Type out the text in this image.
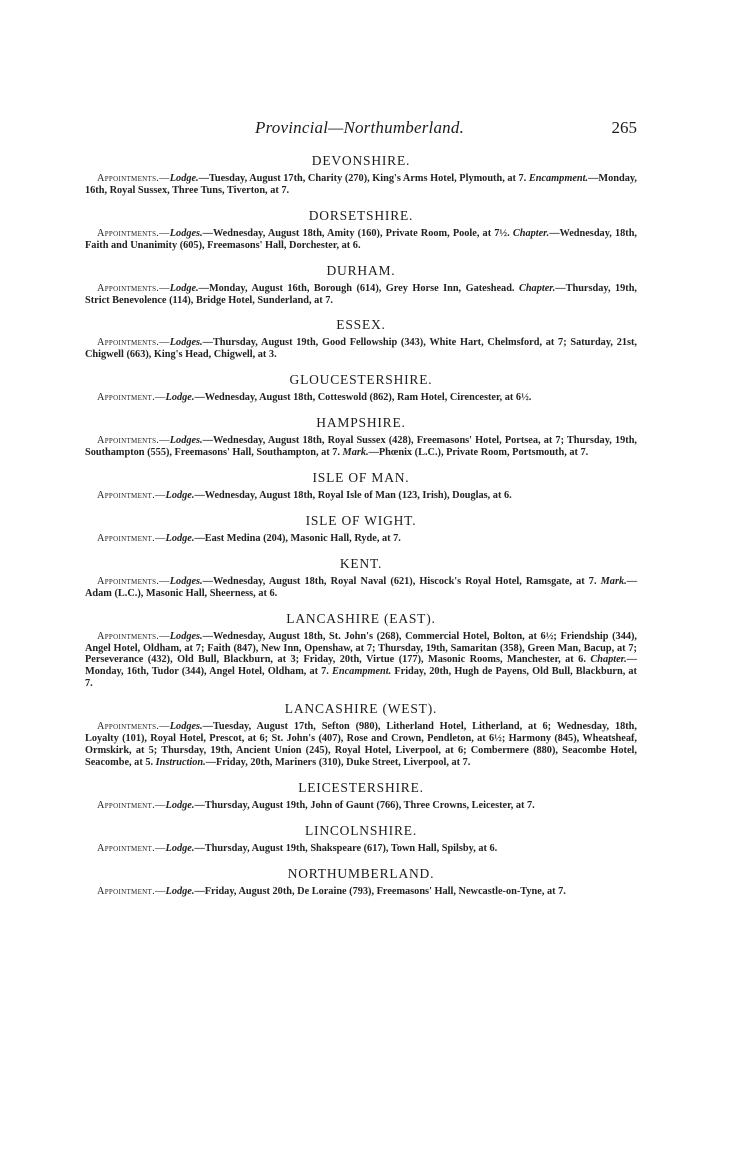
Provincial—Northumberland.	265
DEVONSHIRE.

Appointments.—Lodge.—Tuesday, August 17th, Charity (270), King's Arms Hotel, Plymouth, at 7. Encampment.—Monday, 16th, Royal Sussex, Three Tuns, Tiverton, at 7.

DORSETSHIRE.

Appointments.—Lodges.—Wednesday, August 18th, Amity (160), Private Room, Poole, at 7½. Chapter.—Wednesday, 18th, Faith and Unanimity (605), Freemasons' Hall, Dorchester, at 6.

DURHAM.

Appointments.—Lodge.—Monday, August 16th, Borough (614), Grey Horse Inn, Gateshead. Chapter.—Thursday, 19th, Strict Benevolence (114), Bridge Hotel, Sunderland, at 7.

ESSEX.

Appointments.—Lodges.—Thursday, August 19th, Good Fellowship (343), White Hart, Chelmsford, at 7; Saturday, 21st, Chigwell (663), King's Head, Chigwell, at 3.

GLOUCESTERSHIRE.

Appointment.—Lodge.—Wednesday, August 18th, Cotteswold (862), Ram Hotel, Cirencester, at 6½.

HAMPSHIRE.

Appointments.—Lodges.—Wednesday, August 18th, Royal Sussex (428), Freemasons' Hotel, Portsea, at 7; Thursday, 19th, Southampton (555), Freemasons' Hall, Southampton, at 7. Mark.—Phœnix (L.C.), Private Room, Portsmouth, at 7.

ISLE OF MAN.

Appointment.—Lodge.—Wednesday, August 18th, Royal Isle of Man (123, Irish), Douglas, at 6.

ISLE OF WIGHT.

Appointment.—Lodge.—East Medina (204), Masonic Hall, Ryde, at 7.

KENT.

Appointments.—Lodges.—Wednesday, August 18th, Royal Naval (621), Hiscock's Royal Hotel, Ramsgate, at 7. Mark.—Adam (L.C.), Masonic Hall, Sheerness, at 6.

LANCASHIRE (EAST).

Appointments.—Lodges.—Wednesday, August 18th, St. John's (268), Commercial Hotel, Bolton, at 6½; Friendship (344), Angel Hotel, Oldham, at 7; Faith (847), New Inn, Openshaw, at 7; Thursday, 19th, Samaritan (358), Green Man, Bacup, at 7; Perseverance (432), Old Bull, Blackburn, at 3; Friday, 20th, Virtue (177), Masonic Rooms, Manchester, at 6. Chapter.—Monday, 16th, Tudor (344), Angel Hotel, Oldham, at 7. Encampment. Friday, 20th, Hugh de Payens, Old Bull, Blackburn, at 7.

LANCASHIRE (WEST).

Appointments.—Lodges.—Tuesday, August 17th, Sefton (980), Litherland Hotel, Litherland, at 6; Wednesday, 18th, Loyalty (101), Royal Hotel, Prescot, at 6; St. John's (407), Rose and Crown, Pendleton, at 6½; Harmony (845), Wheatsheaf, Ormskirk, at 5; Thursday, 19th, Ancient Union (245), Royal Hotel, Liverpool, at 6; Combermere (880), Seacombe Hotel, Seacombe, at 5. Instruction.—Friday, 20th, Mariners (310), Duke Street, Liverpool, at 7.

LEICESTERSHIRE.

Appointment.—Lodge.—Thursday, August 19th, John of Gaunt (766), Three Crowns, Leicester, at 7.

LINCOLNSHIRE.

Appointment.—Lodge.—Thursday, August 19th, Shakspeare (617), Town Hall, Spilsby, at 6.

NORTHUMBERLAND.

Appointment.—Lodge.—Friday, August 20th, De Loraine (793), Freemasons' Hall, Newcastle-on-Tyne, at 7.
